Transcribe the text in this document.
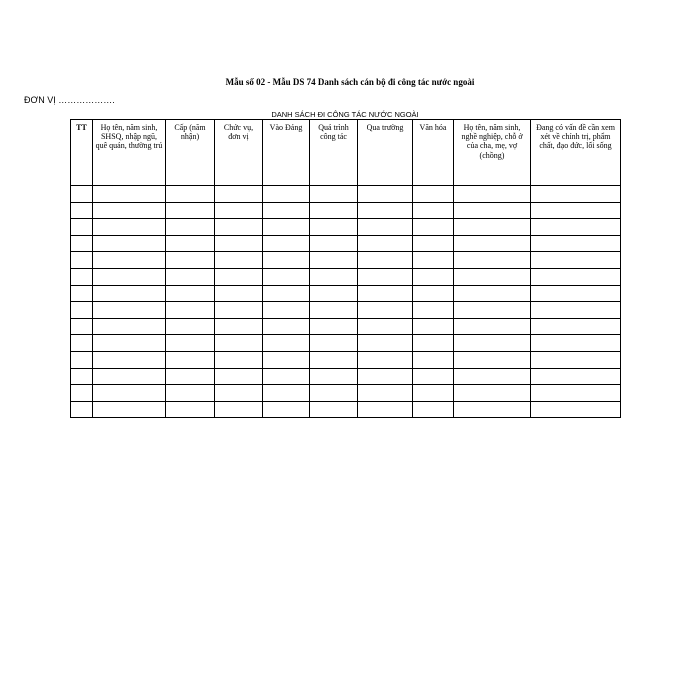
Mẫu số 02 - Mẫu DS 74 Danh sách cán bộ đi công tác nước ngoài
ĐƠN VỊ ……………….
DANH SÁCH ĐI CÔNG TÁC NƯỚC NGOÀI
TT	Họ tên, năm sinh, SHSQ, nhập ngũ, quê quán, thường trú	Cấp (năm nhận)	Chức vụ, đơn vị	Vào Đảng	Quá trình công tác	Qua trường	Văn hóa	Họ tên, năm sinh, nghề nghiệp, chỗ ở của cha, mẹ, vợ (chồng)	Đang có vấn đề cần xem xét về chính trị, phẩm chất, đạo đức, lối sống
